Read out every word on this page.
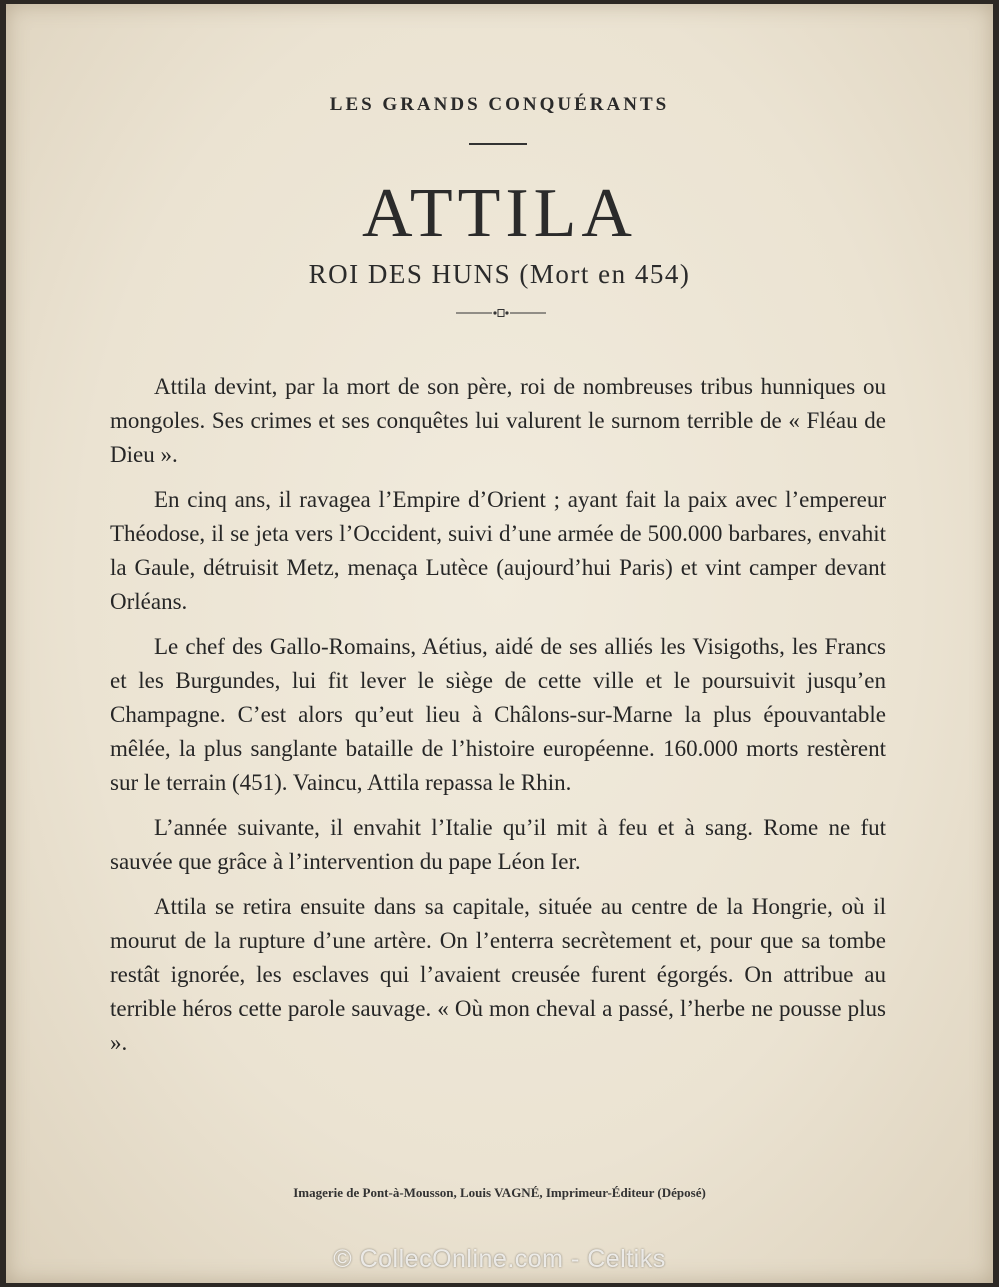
LES GRANDS CONQUÉRANTS
ATTILA
ROI DES HUNS (Mort en 454)

Attila devint, par la mort de son père, roi de nombreuses tribus hunniques ou mongoles. Ses crimes et ses conquêtes lui valurent le surnom terrible de « Fléau de Dieu ».

En cinq ans, il ravagea l’Empire d’Orient ; ayant fait la paix avec l’empereur Théodose, il se jeta vers l’Occident, suivi d’une armée de 500.000 barbares, envahit la Gaule, détruisit Metz, menaça Lutèce (aujourd’hui Paris) et vint camper devant Orléans.

Le chef des Gallo-Romains, Aétius, aidé de ses alliés les Visigoths, les Francs et les Burgundes, lui fit lever le siège de cette ville et le poursuivit jusqu’en Champagne. C’est alors qu’eut lieu à Châlons-sur-Marne la plus épouvantable mêlée, la plus sanglante bataille de l’histoire européenne. 160.000 morts restèrent sur le terrain (451). Vaincu, Attila repassa le Rhin.

L’année suivante, il envahit l’Italie qu’il mit à feu et à sang. Rome ne fut sauvée que grâce à l’intervention du pape Léon Ier.

Attila se retira ensuite dans sa capitale, située au centre de la Hongrie, où il mourut de la rupture d’une artère. On l’enterra secrètement et, pour que sa tombe restât ignorée, les esclaves qui l’avaient creusée furent égorgés. On attribue au terrible héros cette parole sauvage. « Où mon cheval a passé, l’herbe ne pousse plus ».

Imagerie de Pont-à-Mousson, Louis VAGNÉ, Imprimeur-Éditeur (Déposé)
© CollecOnline.com - Celtiks
